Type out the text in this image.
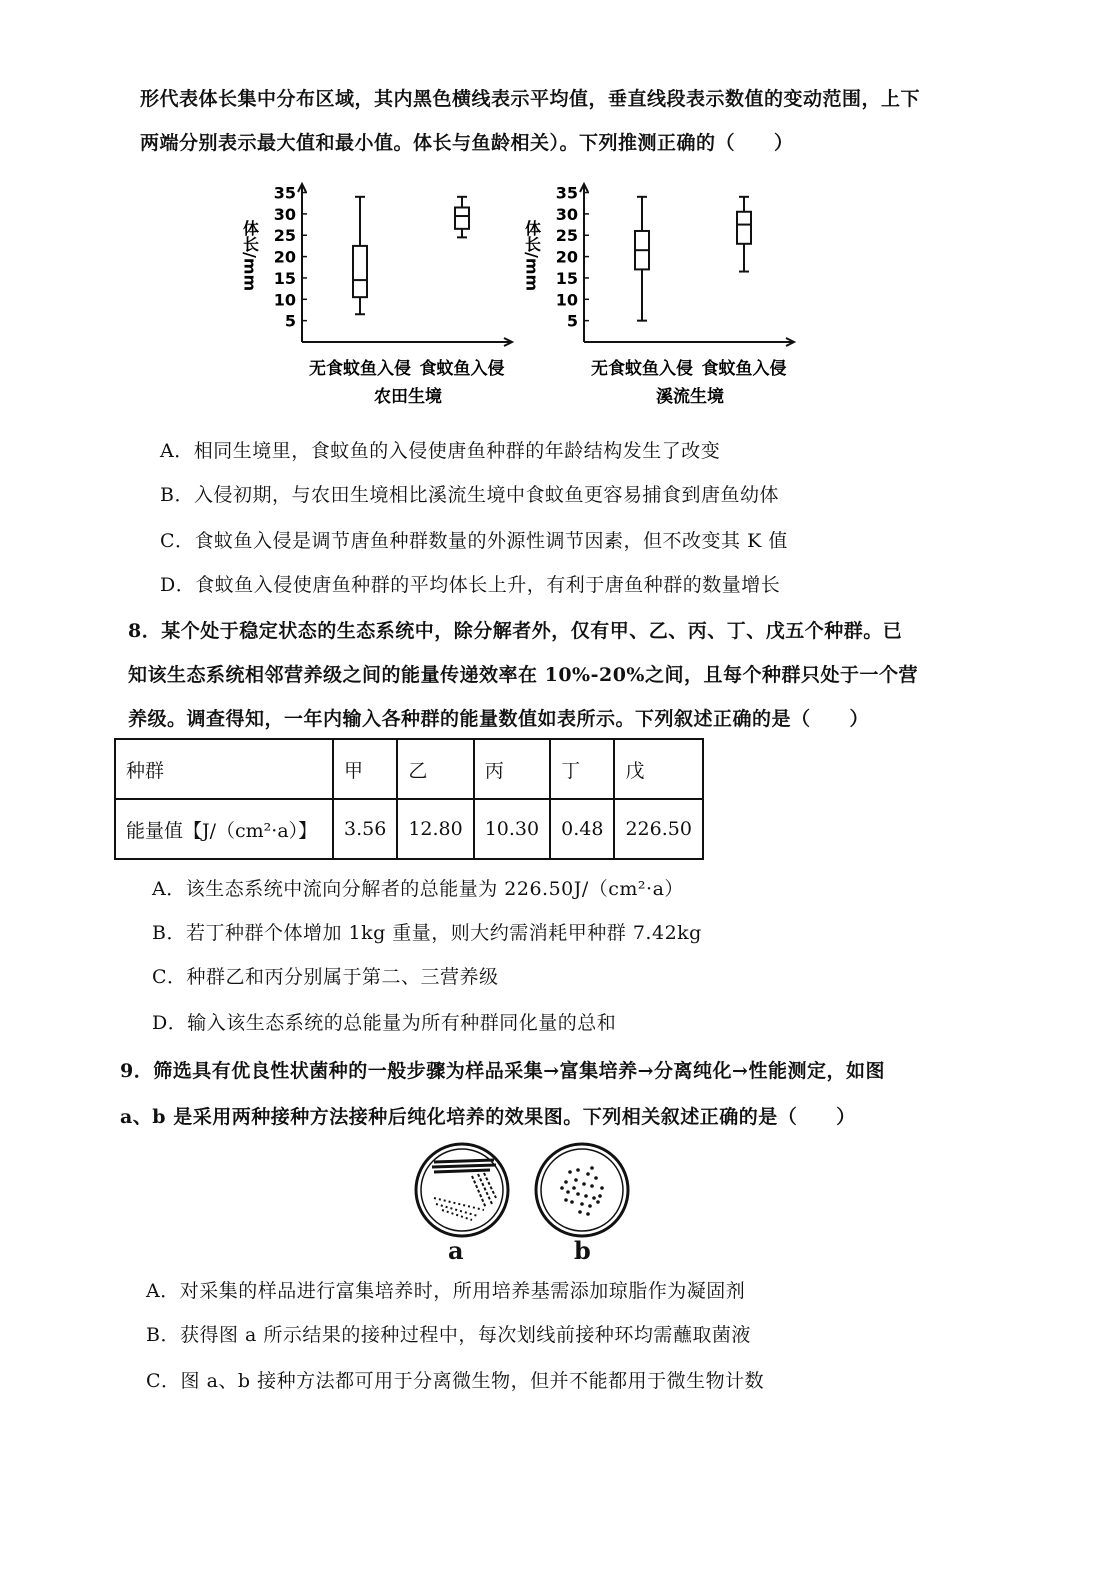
形代表体长集中分布区域，其内黑色横线表示平均值，垂直线段表示数值的变动范围，上下
两端分别表示最大值和最小值。体长与鱼龄相关）。下列推测正确的（　　）
5
10
15
20
25
30
35
体长/mm
无食蚊鱼入侵 食蚊鱼入侵
农田生境
5
10
15
20
25
30
35
体长/mm
无食蚊鱼入侵 食蚊鱼入侵
溪流生境
A．相同生境里，食蚊鱼的入侵使唐鱼种群的年龄结构发生了改变
B．入侵初期，与农田生境相比溪流生境中食蚊鱼更容易捕食到唐鱼幼体
C．食蚊鱼入侵是调节唐鱼种群数量的外源性调节因素，但不改变其 K 值
D．食蚊鱼入侵使唐鱼种群的平均体长上升，有利于唐鱼种群的数量增长
8．某个处于稳定状态的生态系统中，除分解者外，仅有甲、乙、丙、丁、戊五个种群。已
知该生态系统相邻营养级之间的能量传递效率在 10%-20%之间，且每个种群只处于一个营
养级。调查得知，一年内输入各种群的能量数值如表所示。下列叙述正确的是（　　）
种群	甲	乙	丙	丁	戊
能量值【J/（cm²·a）】	3.56	12.80	10.30	0.48	226.50
A．该生态系统中流向分解者的总能量为 226.50J/（cm²·a）
B．若丁种群个体增加 1kg 重量，则大约需消耗甲种群 7.42kg
C．种群乙和丙分别属于第二、三营养级
D．输入该生态系统的总能量为所有种群同化量的总和
9．筛选具有优良性状菌种的一般步骤为样品采集→富集培养→分离纯化→性能测定，如图
a、b 是采用两种接种方法接种后纯化培养的效果图。下列相关叙述正确的是（　　）
a	b
A．对采集的样品进行富集培养时，所用培养基需添加琼脂作为凝固剂
B．获得图 a 所示结果的接种过程中，每次划线前接种环均需蘸取菌液
C．图 a、b 接种方法都可用于分离微生物，但并不能都用于微生物计数
